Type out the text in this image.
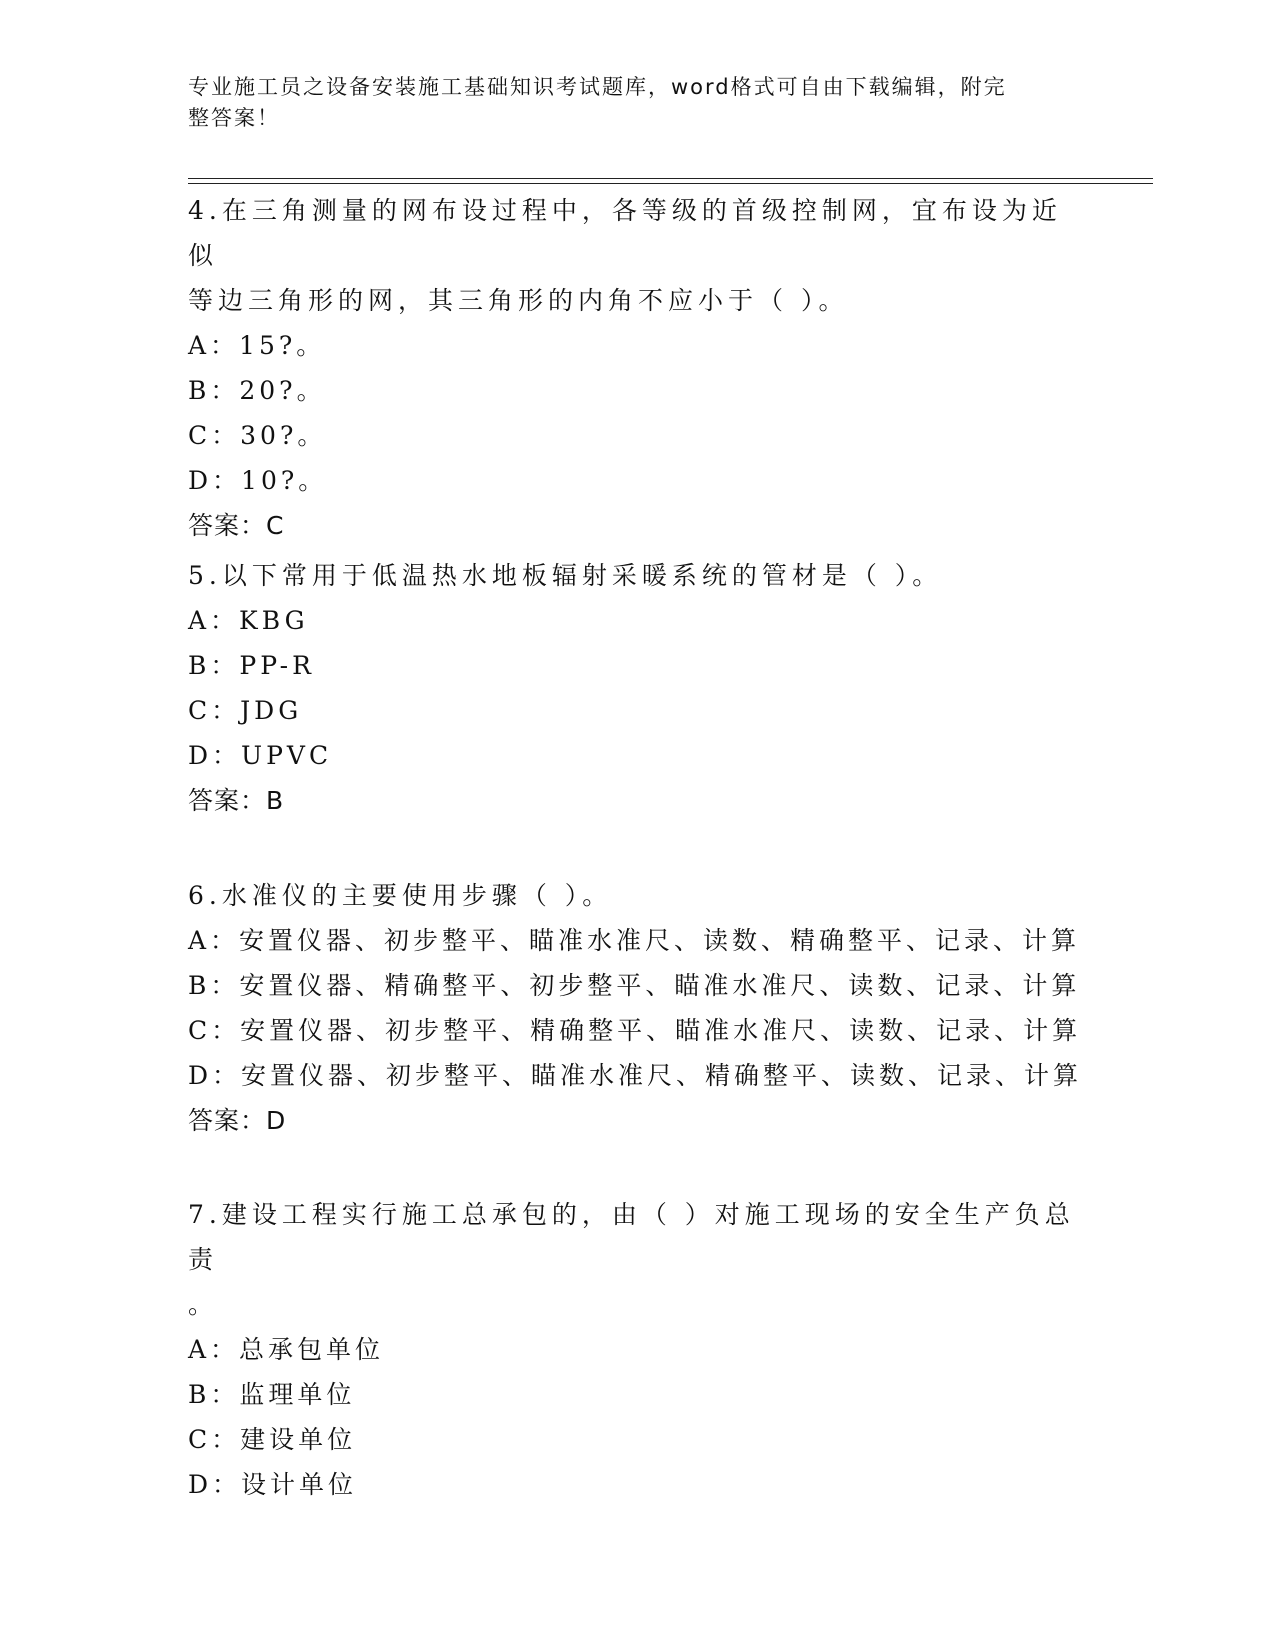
专业施工员之设备安装施工基础知识考试题库，word格式可自由下载编辑，附完
整答案！

4.在三角测量的网布设过程中，各等级的首级控制网，宜布设为近似

等边三角形的网，其三角形的内角不应小于（ ）。

A：15?。

B：20?。

C：30?。

D：10?。

答案：C

5.以下常用于低温热水地板辐射采暖系统的管材是（ ）。

A：KBG

B：PP-R

C：JDG

D：UPVC

答案：B

6.水准仪的主要使用步骤（ ）。

A：安置仪器、初步整平、瞄准水准尺、读数、精确整平、记录、计算

B：安置仪器、精确整平、初步整平、瞄准水准尺、读数、记录、计算

C：安置仪器、初步整平、精确整平、瞄准水准尺、读数、记录、计算

D：安置仪器、初步整平、瞄准水准尺、精确整平、读数、记录、计算

答案：D

7.建设工程实行施工总承包的，由（ ）对施工现场的安全生产负总责

。

A：总承包单位

B：监理单位

C：建设单位

D：设计单位
